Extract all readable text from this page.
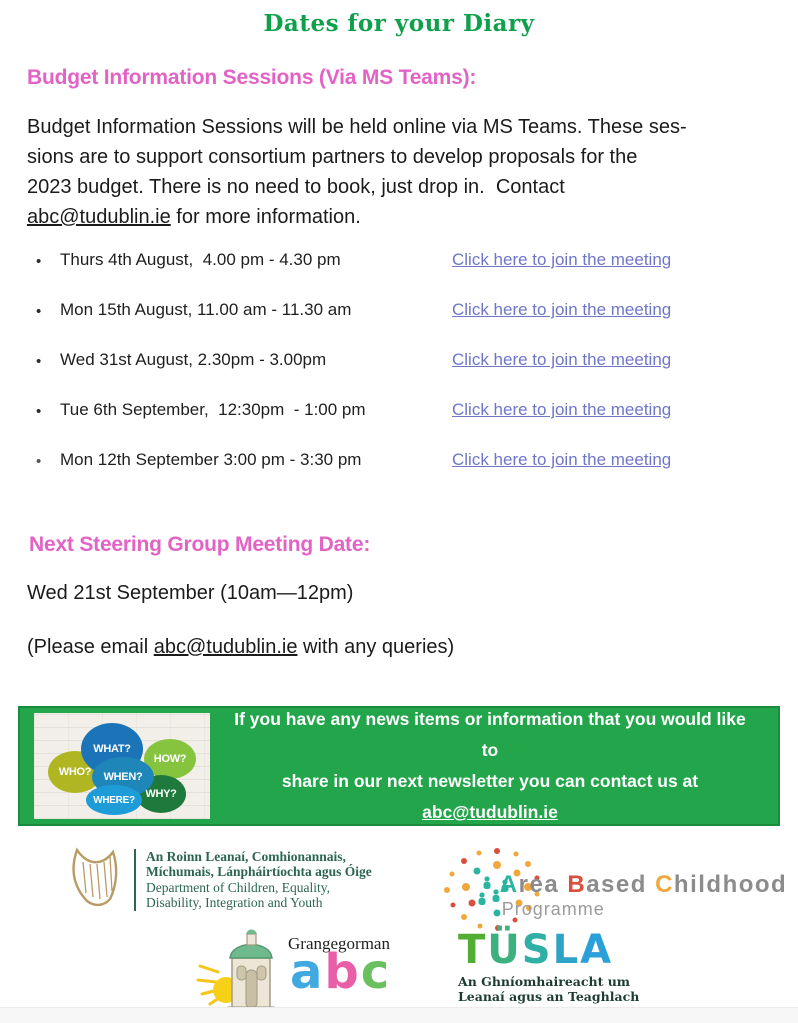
Dates for your Diary
Budget Information Sessions (Via MS Teams):
Budget Information Sessions will be held online via MS Teams. These ses-
sions are to support consortium partners to develop proposals for the
2023 budget. There is no need to book, just drop in.  Contact
abc@tudublin.ie for more information.
•
Thurs 4th August,  4.00 pm - 4.30 pm	Click here to join the meeting
•
Mon 15th August, 11.00 am - 11.30 am	Click here to join the meeting
•
Wed 31st August, 2.30pm - 3.00pm	Click here to join the meeting
•
Tue 6th September,  12:30pm  - 1:00 pm	Click here to join the meeting
•
Mon 12th September 3:00 pm - 3:30 pm	Click here to join the meeting
Next Steering Group Meeting Date:
Wed 21st September (10am—12pm)
(Please email abc@tudublin.ie with any queries)
WHO?
WHAT?
HOW?
WHEN?
WHY?
WHERE?
If you have any news items or information that you would like to
share in our next newsletter you can contact us at
abc@tudublin.ie
An Roinn Leanaí, Comhionannais,
Míchumais, Lánpháirtíochta agus Óige
Department of Children, Equality,
Disability, Integration and Youth
Area Based Childhood
Programme
Grangegorman
abc TÜSLA
An Ghníomhaireacht um
Leanaí agus an Teaghlach
